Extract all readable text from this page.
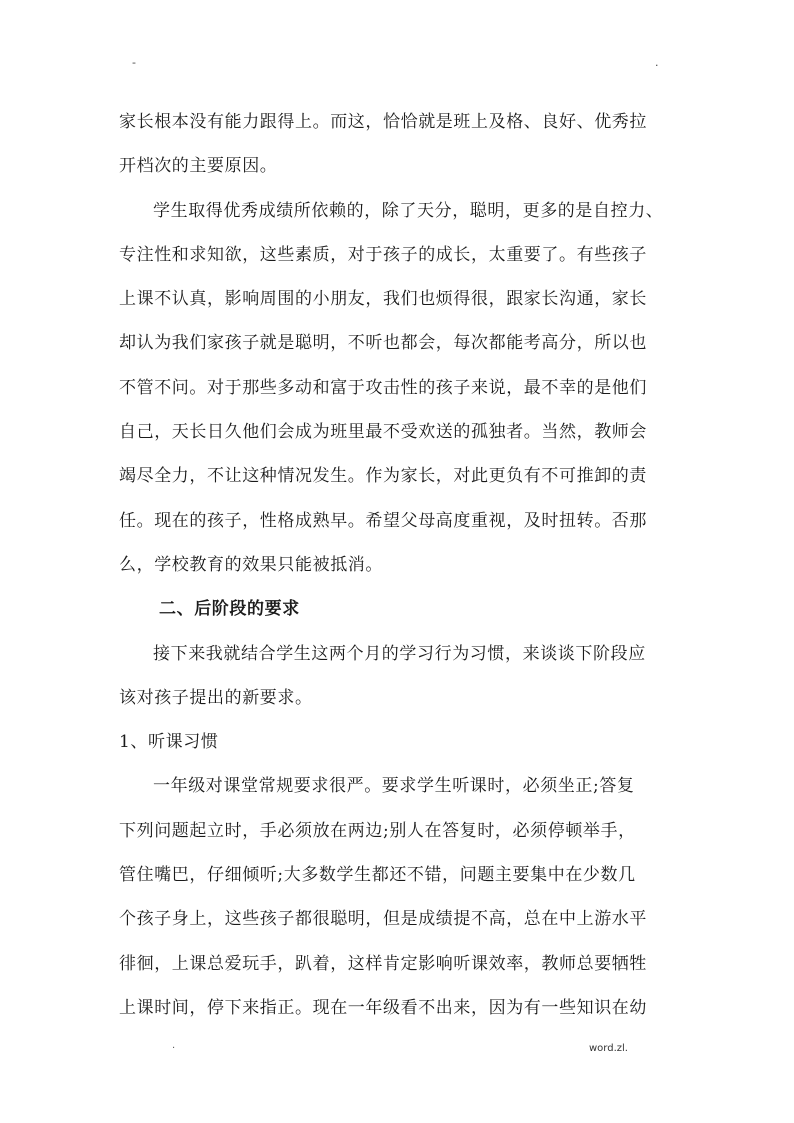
-	.
家长根本没有能力跟得上。而这，恰恰就是班上及格、良好、优秀拉
开档次的主要原因。
学生取得优秀成绩所依赖的，除了天分，聪明，更多的是自控力、
专注性和求知欲，这些素质，对于孩子的成长，太重要了。有些孩子
上课不认真，影响周围的小朋友，我们也烦得很，跟家长沟通，家长
却认为我们家孩子就是聪明，不听也都会，每次都能考高分，所以也
不管不问。对于那些多动和富于攻击性的孩子来说，最不幸的是他们
自己，天长日久他们会成为班里最不受欢送的孤独者。当然，教师会
竭尽全力，不让这种情况发生。作为家长，对此更负有不可推卸的责
任。现在的孩子，性格成熟早。希望父母高度重视，及时扭转。否那
么，学校教育的效果只能被抵消。
二、后阶段的要求
接下来我就结合学生这两个月的学习行为习惯，来谈谈下阶段应
该对孩子提出的新要求。
1、听课习惯
一年级对课堂常规要求很严。要求学生听课时，必须坐正;答复
下列问题起立时，手必须放在两边;别人在答复时，必须停顿举手，
管住嘴巴，仔细倾听;大多数学生都还不错，问题主要集中在少数几
个孩子身上，这些孩子都很聪明，但是成绩提不高，总在中上游水平
徘徊，上课总爱玩手，趴着，这样肯定影响听课效率，教师总要牺牲
上课时间，停下来指正。现在一年级看不出来，因为有一些知识在幼
.	word.zl.
